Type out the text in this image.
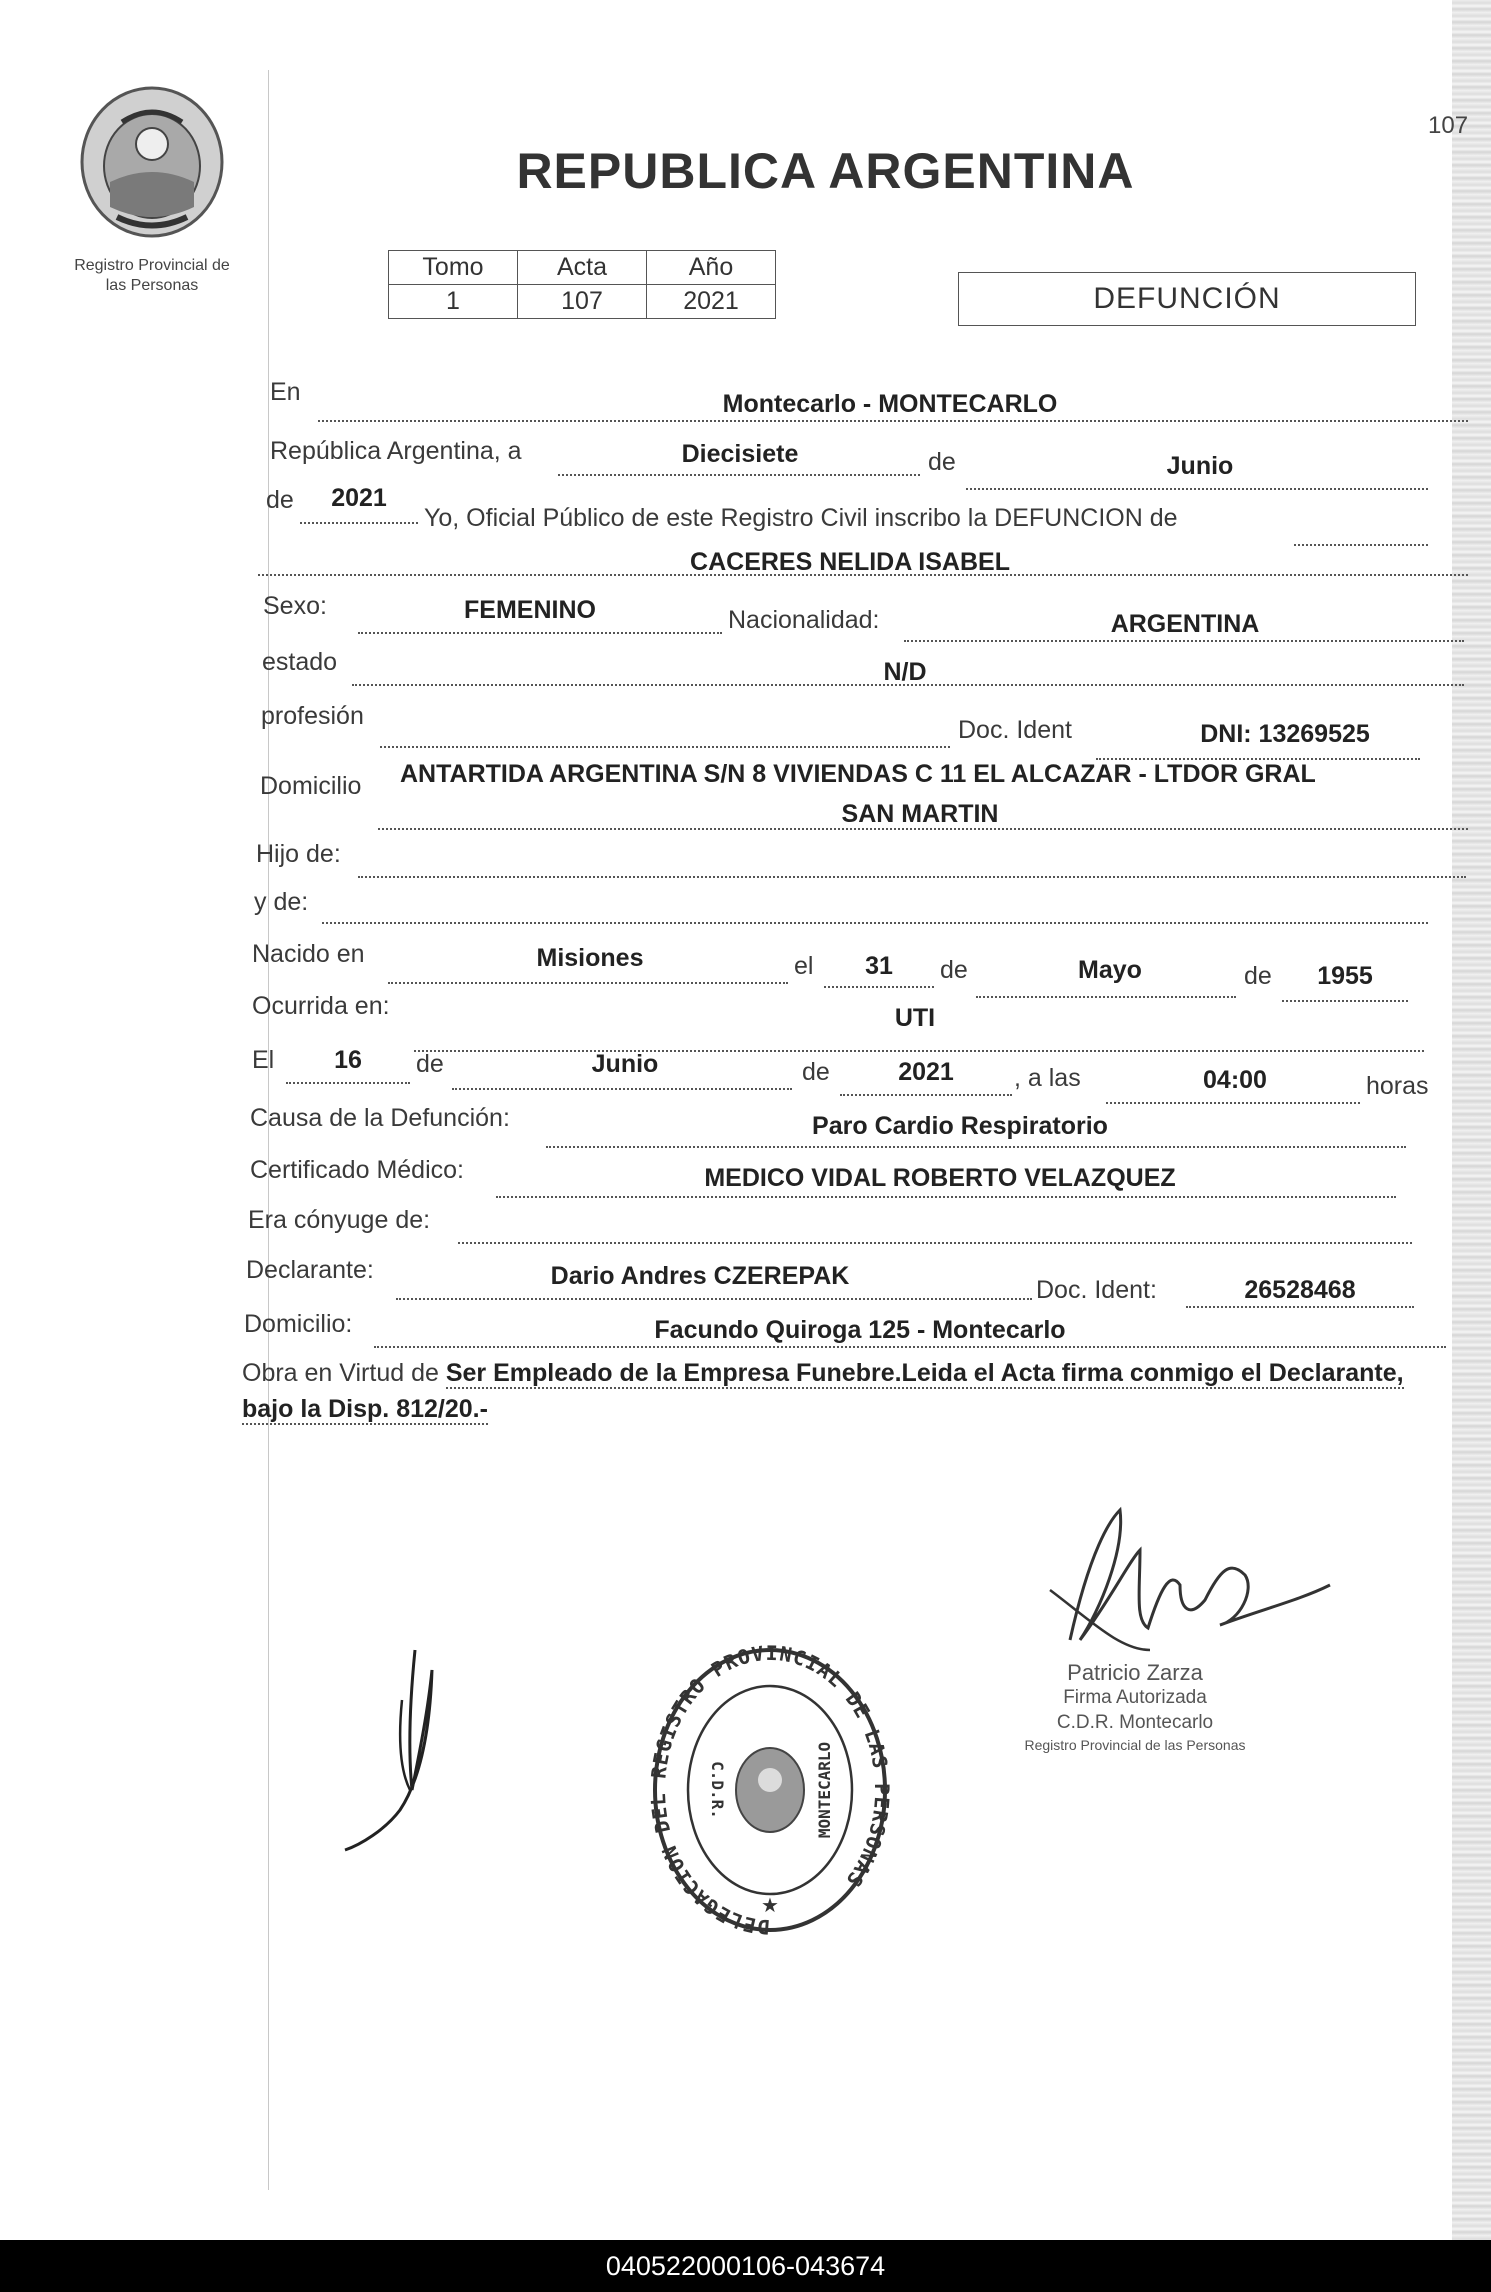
Registro Provincial de
las Personas
107
REPUBLICA ARGENTINA
Tomo	Acta	Año
1	107	2021	DEFUNCIÓN
En	Montecarlo - MONTECARLO
República Argentina, a	Diecisiete	de	Junio
de	2021
Yo, Oficial Público de este Registro Civil inscribo la DEFUNCION de
CACERES NELIDA ISABEL
Sexo:	FEMENINO	Nacionalidad:	ARGENTINA
estado	N/D
profesión	Doc. Ident	DNI: 13269525
Domicilio ANTARTIDA ARGENTINA S/N 8 VIVIENDAS C 11 EL ALCAZAR - LTDOR GRAL
SAN MARTIN
Hijo de:
y de:
Nacido en	Misiones	el	31	de	Mayo	de	1955
Ocurrida en:	UTI
El	16	de	Junio	de	2021	, a las	04:00	horas
Causa de la Defunción:	Paro Cardio Respiratorio
Certificado Médico:	MEDICO VIDAL ROBERTO VELAZQUEZ
Era cónyuge de:
Declarante:	Dario Andres CZEREPAK	Doc. Ident:	26528468
Domicilio:	Facundo Quiroga 125 - Montecarlo
Obra en Virtud de Ser Empleado de la Empresa Funebre.Leida el Acta firma conmigo el Declarante, bajo la Disp. 812/20.-
Patricio Zarza
Firma Autorizada
C.D.R. Montecarlo
Registro Provincial de las Personas
DELEGACION D EGISTRO PROVINCIAL DE LA SONAS
C.D.R.	MONTECARLO
★
040522000106-043674
